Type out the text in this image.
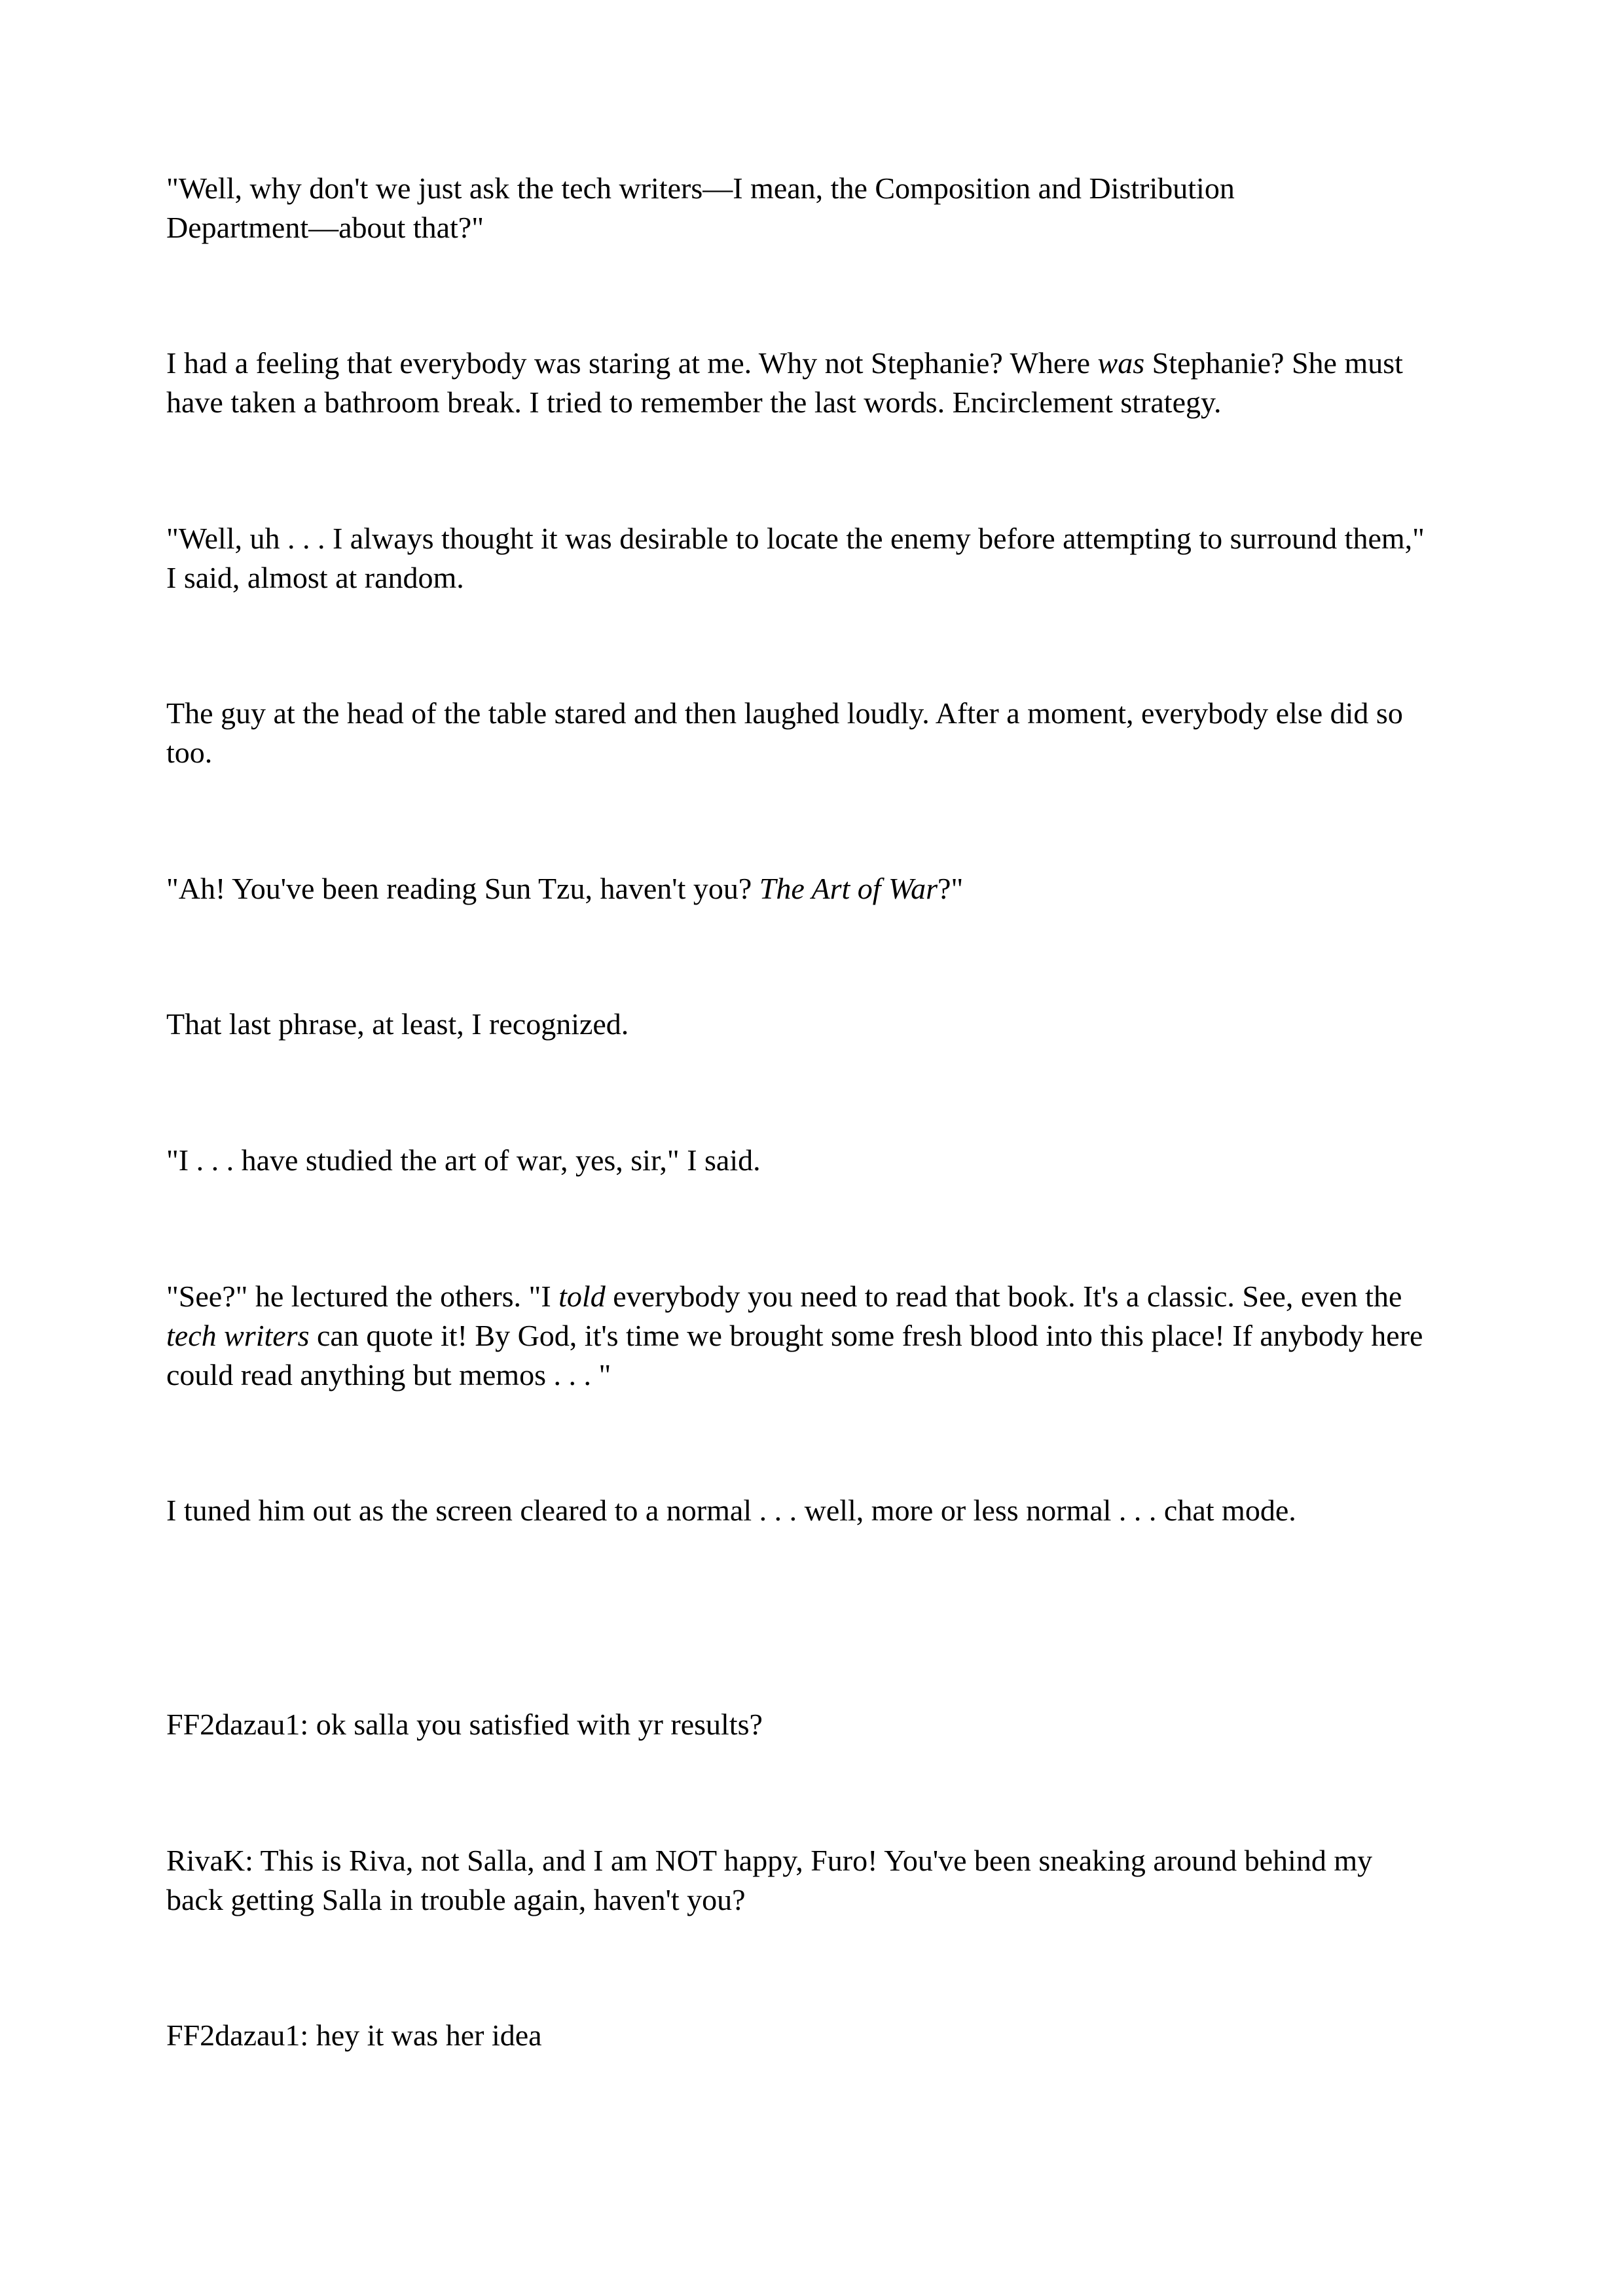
"Well, why don't we just ask the tech writers—I mean, the Composition and Distribution
Department—about that?"

I had a feeling that everybody was staring at me. Why not Stephanie? Where was Stephanie? She must
have taken a bathroom break. I tried to remember the last words. Encirclement strategy.

"Well, uh . . . I always thought it was desirable to locate the enemy before attempting to surround them,"
I said, almost at random.

The guy at the head of the table stared and then laughed loudly. After a moment, everybody else did so
too.

"Ah! You've been reading Sun Tzu, haven't you? The Art of War?"

That last phrase, at least, I recognized.

"I . . . have studied the art of war, yes, sir," I said.

"See?" he lectured the others. "I told everybody you need to read that book. It's a classic. See, even the
tech writers can quote it! By God, it's time we brought some fresh blood into this place! If anybody here
could read anything but memos . . . "

I tuned him out as the screen cleared to a normal . . . well, more or less normal . . . chat mode.

FF2dazau1: ok salla you satisfied with yr results?

RivaK: This is Riva, not Salla, and I am NOT happy, Furo! You've been sneaking around behind my
back getting Salla in trouble again, haven't you?

FF2dazau1: hey it was her idea
